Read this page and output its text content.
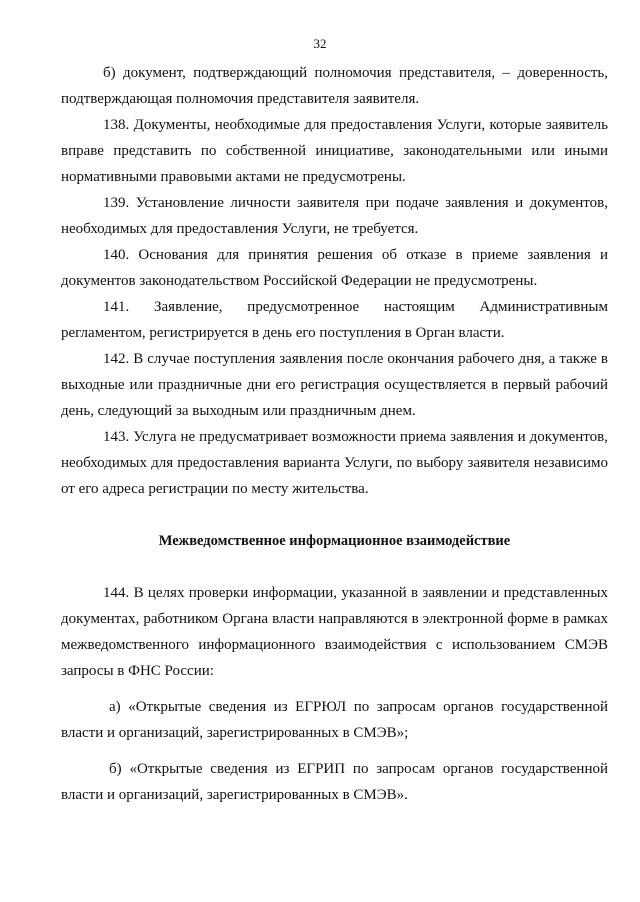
32

б) документ, подтверждающий полномочия представителя, – доверенность, подтверждающая полномочия представителя заявителя.

138. Документы, необходимые для предоставления Услуги, которые заявитель вправе представить по собственной инициативе, законодательными или иными нормативными правовыми актами не предусмотрены.

139. Установление личности заявителя при подаче заявления и документов, необходимых для предоставления Услуги, не требуется.

140. Основания для принятия решения об отказе в приеме заявления и документов законодательством Российской Федерации не предусмотрены.

141. Заявление, предусмотренное настоящим Административным регламентом, регистрируется в день его поступления в Орган власти.

142. В случае поступления заявления после окончания рабочего дня, а также в выходные или праздничные дни его регистрация осуществляется в первый рабочий день, следующий за выходным или праздничным днем.

143. Услуга не предусматривает возможности приема заявления и документов, необходимых для предоставления варианта Услуги, по выбору заявителя независимо от его адреса регистрации по месту жительства.

Межведомственное информационное взаимодействие

144. В целях проверки информации, указанной в заявлении и представленных документах, работником Органа власти направляются в электронной форме в рамках межведомственного информационного взаимодействия с использованием СМЭВ запросы в ФНС России:

а) «Открытые сведения из ЕГРЮЛ по запросам органов государственной власти и организаций, зарегистрированных в СМЭВ»;

б) «Открытые сведения из ЕГРИП по запросам органов государственной власти и организаций, зарегистрированных в СМЭВ».
